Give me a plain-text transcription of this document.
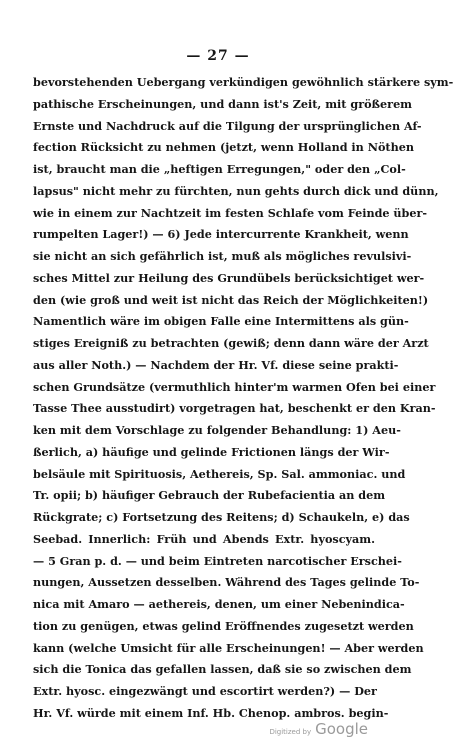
— 27 —
bevorstehenden Uebergang verkündigen gewöhnlich stärkere sym-
pathische Erscheinungen, und dann ist's Zeit, mit größerem
Ernste und Nachdruck auf die Tilgung der ursprünglichen Af-
fection Rücksicht zu nehmen (jetzt, wenn Holland in Nöthen
ist, braucht man die „heftigen Erregungen," oder den „Col-
lapsus" nicht mehr zu fürchten, nun gehts durch dick und dünn,
wie in einem zur Nachtzeit im festen Schlafe vom Feinde über-
rumpelten Lager!) — 6) Jede intercurrente Krankheit, wenn
sie nicht an sich gefährlich ist, muß als mögliches revulsivi-
sches Mittel zur Heilung des Grundübels berücksichtiget wer-
den (wie groß und weit ist nicht das Reich der Möglichkeiten!)
Namentlich wäre im obigen Falle eine Intermittens als gün-
stiges Ereigniß zu betrachten (gewiß; denn dann wäre der Arzt
aus aller Noth.) — Nachdem der Hr. Vf. diese seine prakti-
schen Grundsätze (vermuthlich hinter'm warmen Ofen bei einer
Tasse Thee ausstudirt) vorgetragen hat, beschenkt er den Kran-
ken mit dem Vorschlage zu folgender Behandlung: 1) Aeu-
ßerlich, a) häufige und gelinde Frictionen längs der Wir-
belsäule mit Spirituosis, Aethereis, Sp. Sal. ammoniac. und
Tr. opii; b) häufiger Gebrauch der Rubefacientia an dem
Rückgrate; c) Fortsetzung des Reitens; d) Schaukeln, e) das
Seebad. Innerlich: Früh und Abends Extr. hyoscyam.
— 5 Gran p. d. — und beim Eintreten narcotischer Erschei-
nungen, Aussetzen desselben. Während des Tages gelinde To-
nica mit Amaro — aethereis, denen, um einer Nebenindica-
tion zu genügen, etwas gelind Eröffnendes zugesetzt werden
kann (welche Umsicht für alle Erscheinungen! — Aber werden
sich die Tonica das gefallen lassen, daß sie so zwischen dem
Extr. hyosc. eingezwängt und escortirt werden?) — Der
Hr. Vf. würde mit einem Inf. Hb. Chenop. ambros. begin-
Digitized by Google
